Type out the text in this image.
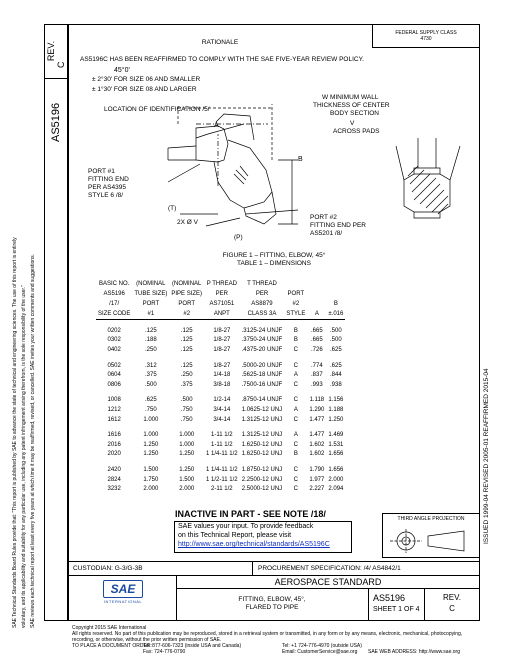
SAE Technical Standards Board Rules provide that: “This report is published by SAE to advance the state of technical and engineering sciences. The use of this report is entirely voluntary, and its applicability and suitability for any particular use, including any patent infringement arising therefrom, is the sole responsibility of the user.” SAE reviews each technical report at least every five years at which time it may be reaffirmed, revised, or cancelled. SAE invites your written comments and suggestions.
REV.
C
AS5196
ISSUED 1999-04 REVISED 2005-01 REAFFIRMED 2015-04
RATIONALE
FEDERAL SUPPLY CLASS
4730
AS5196C HAS BEEN REAFFIRMED TO COMPLY WITH THE SAE FIVE-YEAR REVIEW POLICY.
45°0'
± 2°30' FOR SIZE 06 AND SMALLER
± 1°30' FOR SIZE 08 AND LARGER
LOCATION OF IDENTIFICATION /5/
W MINIMUM WALL
THICKNESS OF CENTER
BODY SECTION
V
ACROSS PADS
A
B
PORT #1
FITTING END
PER AS4395
STYLE 6 /8/
(T)
2X Ø V
(P)
PORT #2
FITTING END PER
AS5201 /8/
FIGURE 1 – FITTING, ELBOW, 45°
TABLE 1 – DIMENSIONS
BASIC NO.	(NOMINAL	(NOMINAL	P THREAD	T THREAD			
AS5196	TUBE SIZE)	PIPE SIZE)	PER	PER	PORT		
/17/	PORT	PORT	AS71051	AS8879	#2		B
SIZE CODE	#1	#2	ANPT	CLASS 3A	STYLE	A	±.016

0202	.125	.125	1/8-27	.3125-24 UNJF	B	.665	.500
0302	.188	.125	1/8-27	.3750-24 UNJF	B	.665	.500
0402	.250	.125	1/8-27	.4375-20 UNJF	C	.726	.625

0502	.312	.125	1/8-27	.5000-20 UNJF	C	.774	.625
0604	.375	.250	1/4-18	.5625-18 UNJF	A	.837	.844
0806	.500	.375	3/8-18	.7500-16 UNJF	C	.993	.938

1008	.625	.500	1/2-14	.8750-14 UNJF	C	1.118	1.156
1212	.750	.750	3/4-14	1.0625-12 UNJ	A	1.290	1.188
1612	1.000	.750	3/4-14	1.3125-12 UNJ	C	1.477	1.250

1616	1.000	1.000	1-11 1/2	1.3125-12 UNJ	A	1.477	1.469
2016	1.250	1.000	1-11 1/2	1.6250-12 UNJ	C	1.602	1.531
2020	1.250	1.250	1 1/4-11 1/2	1.6250-12 UNJ	B	1.602	1.656

2420	1.500	1.250	1 1/4-11 1/2	1.8750-12 UNJ	C	1.790	1.656
2824	1.750	1.500	1 1/2-11 1/2	2.2500-12 UNJ	C	1.977	2.000
3232	2.000	2.000	2-11 1/2	2.5000-12 UNJ	C	2.227	2.094
INACTIVE IN PART - SEE NOTE /18/
SAE values your input. To provide feedback
on this Technical Report, please visit
http://www.sae.org/technical/standards/AS5196C
THIRD ANGLE PROJECTION
CUSTODIAN: G-3/G-3B	PROCUREMENT SPECIFICATION: /4/ AS4842/1
SAE
INTERNATIONAL
AEROSPACE STANDARD
FITTING, ELBOW, 45°,
FLARED TO PIPE
AS5196
SHEET 1 OF 4
REV.
C
Copyright 2015 SAE International
All rights reserved. No part of this publication may be reproduced, stored in a retrieval system or transmitted, in any form or by any means, electronic, mechanical, photocopying,
recording, or otherwise, without the prior written permission of SAE.
TO PLACE A DOCUMENT ORDER:
Tel: 877-606-7323 (inside USA and Canada)
Fax: 724-776-0790
Tel: +1 724-776-4970 (outside USA)
Email: CustomerService@sae.org SAE WEB ADDRESS: http://www.sae.org
